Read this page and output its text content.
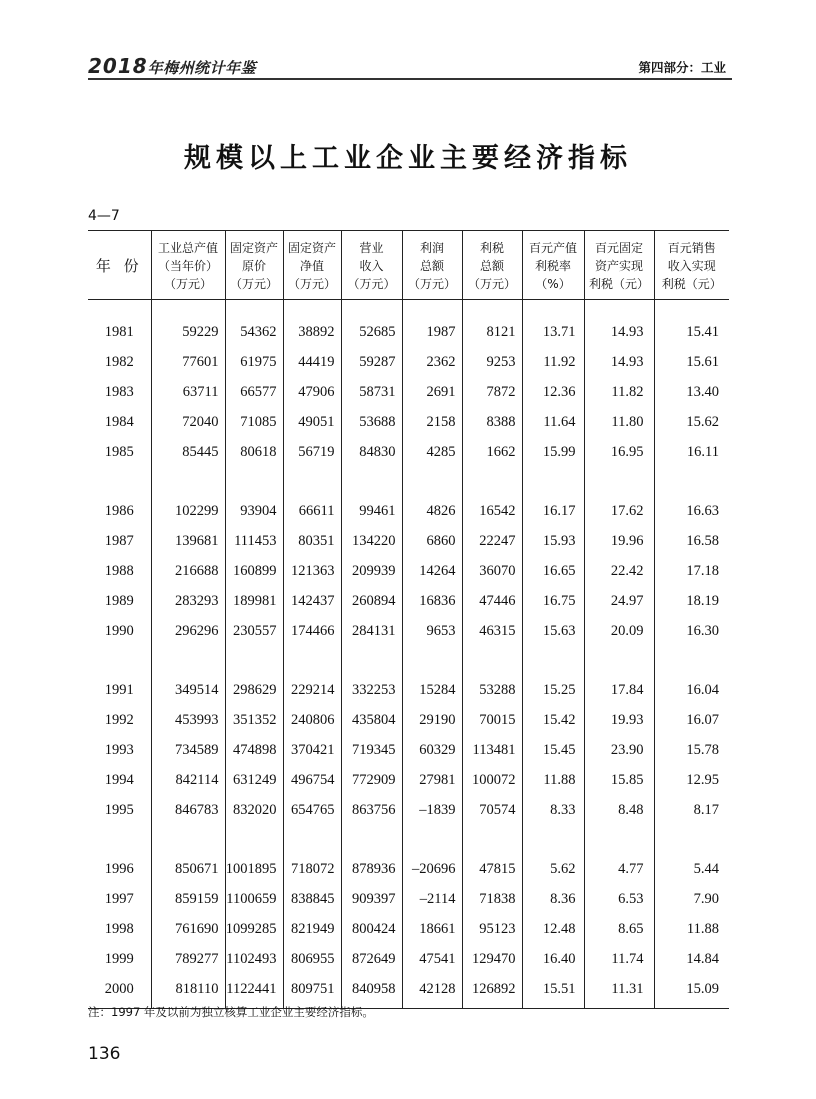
2018年梅州统计年鉴	第四部分：工业
规模以上工业企业主要经济指标
4—7
年 份	工业总产值
（当年价）
（万元）	固定资产
原价
（万元）	固定资产
净值
（万元）	营业
收入
（万元）	利润
总额
（万元）	利税
总额
（万元）	百元产值
利税率
（%）	百元固定
资产实现
利税（元）	百元销售
收入实现
利税（元）

1981	59229	54362	38892	52685	1987	8121	13.71	14.93	15.41
1982	77601	61975	44419	59287	2362	9253	11.92	14.93	15.61
1983	63711	66577	47906	58731	2691	7872	12.36	11.82	13.40
1984	72040	71085	49051	53688	2158	8388	11.64	11.80	15.62
1985	85445	80618	56719	84830	4285	1662	15.99	16.95	16.11

1986	102299	93904	66611	99461	4826	16542	16.17	17.62	16.63
1987	139681	111453	80351	134220	6860	22247	15.93	19.96	16.58
1988	216688	160899	121363	209939	14264	36070	16.65	22.42	17.18
1989	283293	189981	142437	260894	16836	47446	16.75	24.97	18.19
1990	296296	230557	174466	284131	9653	46315	15.63	20.09	16.30

1991	349514	298629	229214	332253	15284	53288	15.25	17.84	16.04
1992	453993	351352	240806	435804	29190	70015	15.42	19.93	16.07
1993	734589	474898	370421	719345	60329	113481	15.45	23.90	15.78
1994	842114	631249	496754	772909	27981	100072	11.88	15.85	12.95
1995	846783	832020	654765	863756	–1839	70574	8.33	8.48	8.17

1996	850671	1001895	718072	878936	–20696	47815	5.62	4.77	5.44
1997	859159	1100659	838845	909397	–2114	71838	8.36	6.53	7.90
1998	761690	1099285	821949	800424	18661	95123	12.48	8.65	11.88
1999	789277	1102493	806955	872649	47541	129470	16.40	11.74	14.84
2000	818110	1122441	809751	840958	42128	126892	15.51	11.31	15.09
注：1997 年及以前为独立核算工业企业主要经济指标。
136
